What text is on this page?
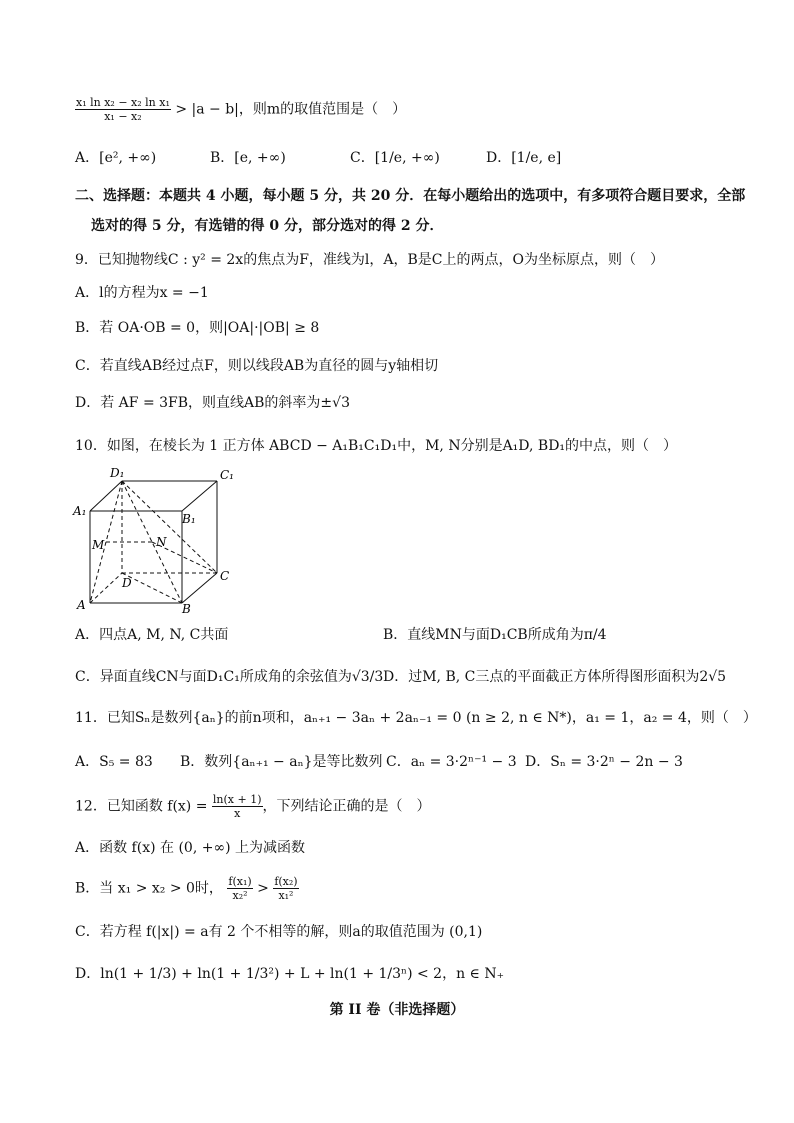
$\frac{\text{x₁ ln x₂ − x₂ ln x₁}}{\text{x₁ − x₂}} > |a - b|$，则m的取值范围是（　）
A．[e², +∞)	B．[e, +∞)	C．[1/e, +∞)	D．[1/e, e]
二、选择题：本题共 4 小题，每小题 5 分，共 20 分．在每小题给出的选项中，有多项符合题目要求，全部
选对的得 5 分，有选错的得 0 分，部分选对的得 2 分．
9．已知抛物线C : y² = 2x的焦点为F，准线为l，A，B是C上的两点，O为坐标原点，则（　）
A．l的方程为x = −1
B．若 OA·OB = 0，则|OA|·|OB| ≥ 8
C．若直线AB经过点F，则以线段AB为直径的圆与y轴相切
D．若 AF = 3FB，则直线AB的斜率为±√3
10．如图，在棱长为 1 正方体 ABCD − A₁B₁C₁D₁中，M, N分别是A₁D, BD₁的中点，则（　）
D₁	C₁
A₁
B₁
M	N
D	C
A	B
A．四点A, M, N, C共面	B．直线MN与面D₁CB所成角为π/4
C．异面直线CN与面D₁C₁所成角的余弦值为√3/3 D．过M, B, C三点的平面截正方体所得图形面积为2√5
11．已知Sₙ是数列{aₙ}的前n项和，aₙ₊₁ − 3aₙ + 2aₙ₋₁ = 0 (n ≥ 2, n ∈ N*)，a₁ = 1，a₂ = 4，则（　）
A．S₅ = 83 B．数列{aₙ₊₁ − aₙ}是等比数列 C．aₙ = 3·2ⁿ⁻¹ − 3 D．Sₙ = 3·2ⁿ − 2n − 3
12．已知函数 $f(x) = \frac{\ln(x + 1)}{x}$ ，下列结论正确的是（　）
A．函数 f(x) 在 (0, +∞) 上为减函数
B．当 x₁ > x₂ > 0时， $\frac{\text{f(x₁)}}{\text{x₂²}} > \frac{\text{f(x₂)}}{\text{x₁²}}$
C．若方程 f(|x|) = a有 2 个不相等的解，则a的取值范围为 (0,1)
D．ln(1 + 1/3) + ln(1 + 1/3²) + L + ln(1 + 1/3ⁿ) < 2，n ∈ N₊
第 II 卷（非选择题）
